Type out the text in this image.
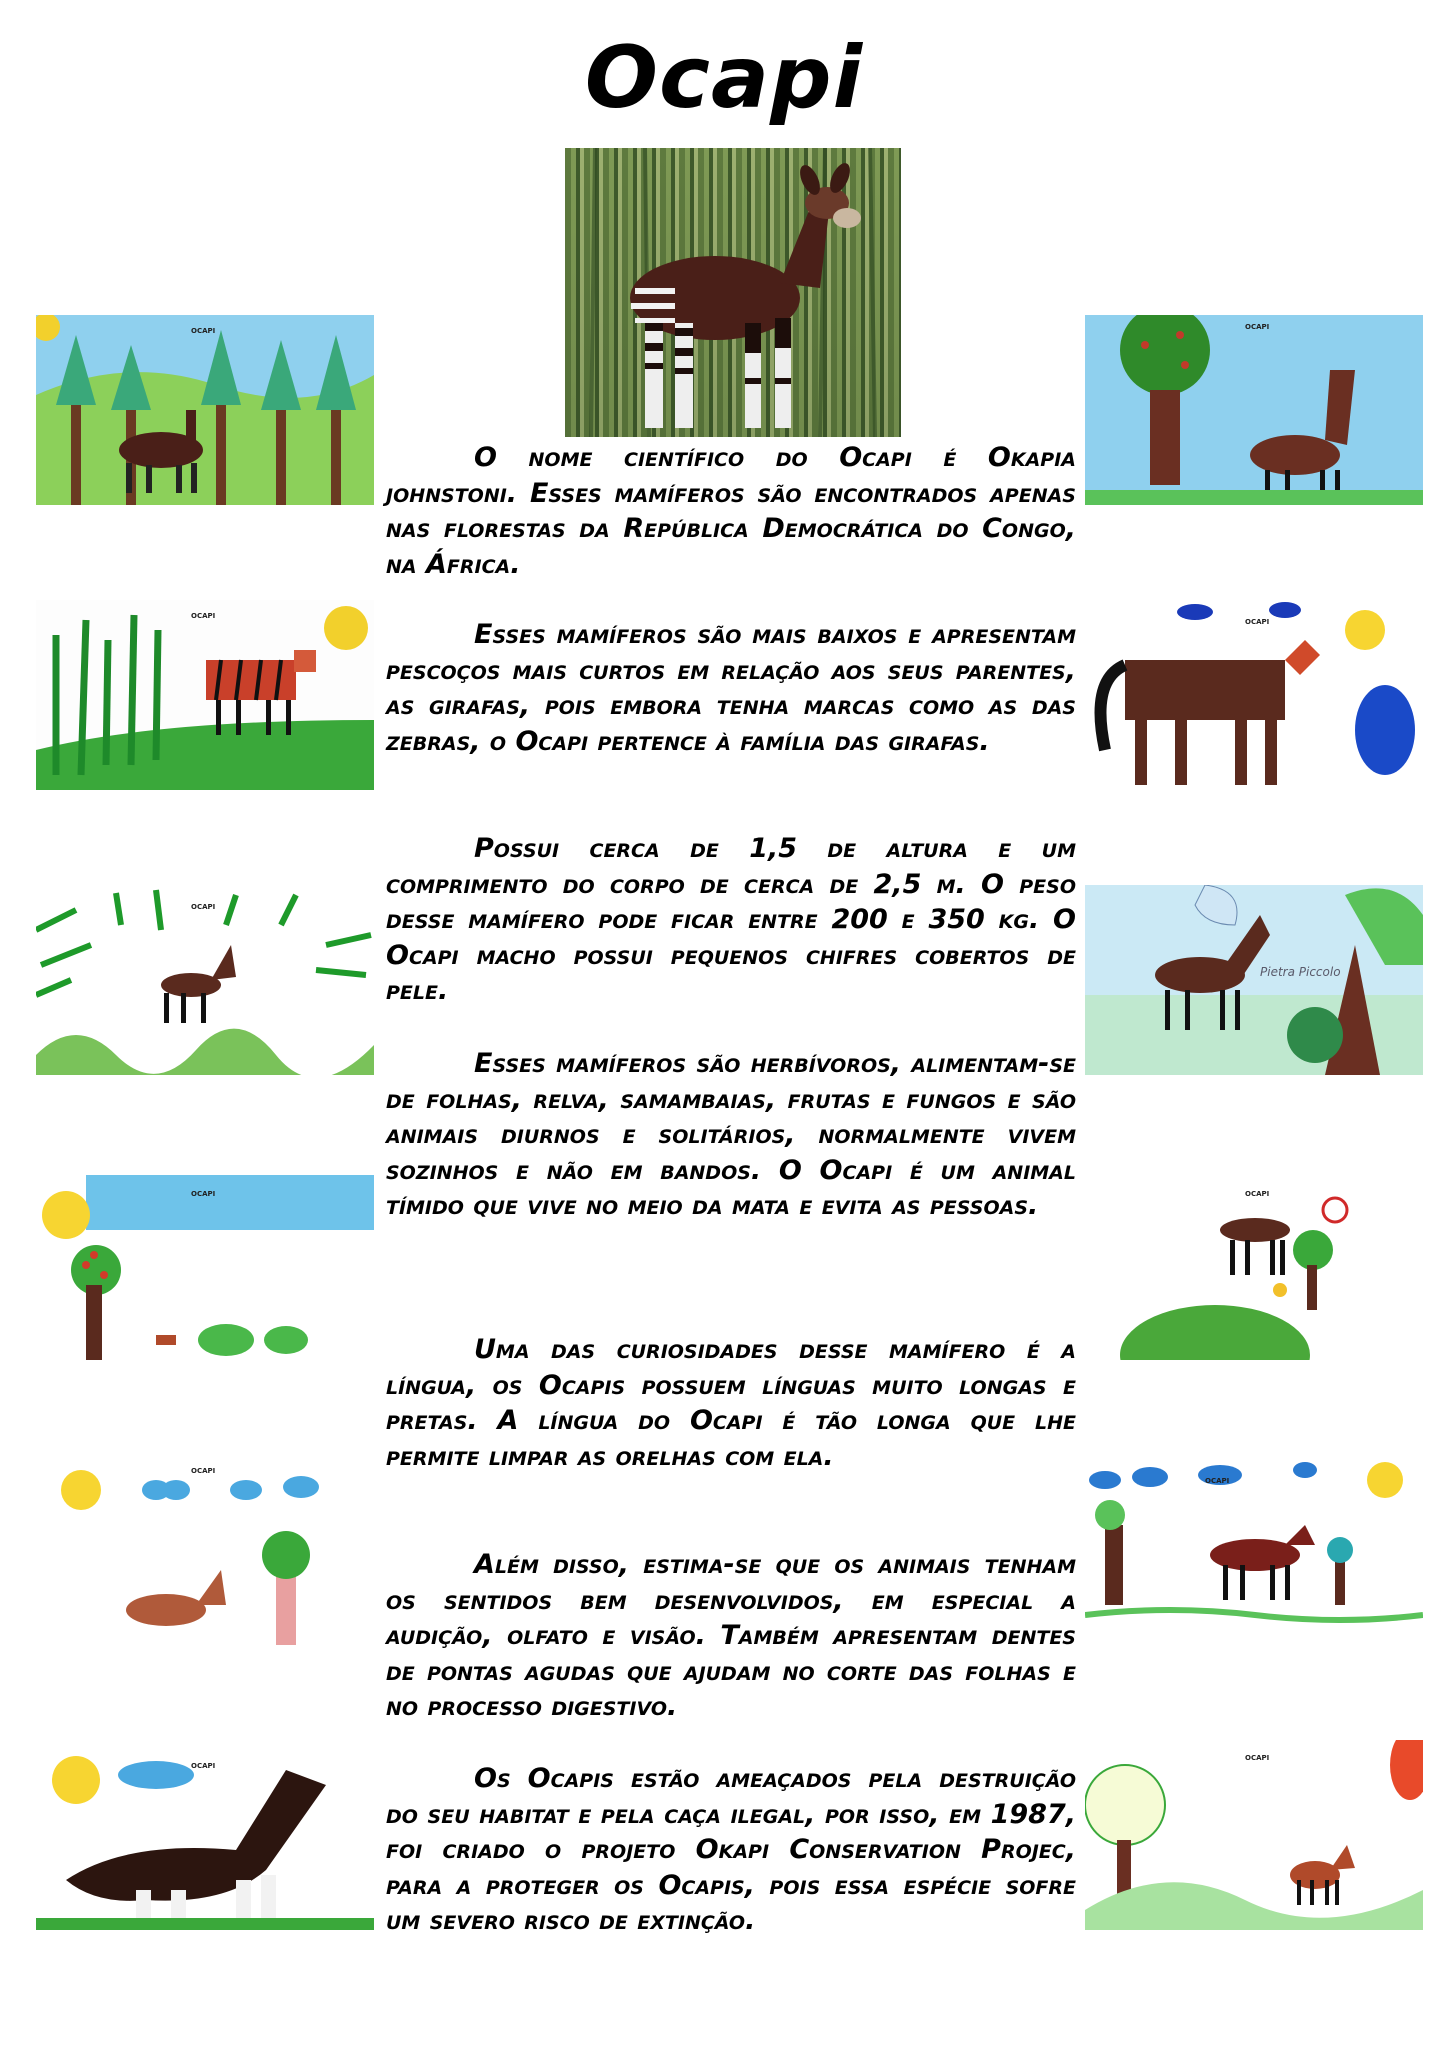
Ocapi
OCAPI
OCAPI
OCAPI
OCAPI
OCAPI
OCAPI
OCAPI
OCAPI
Pietra Piccolo
OCAPI
OCAPI
OCAPI

O nome científico do Ocapi é Okapia johnstoni. Esses mamíferos são encontrados apenas nas florestas da República Democrática do Congo, na África.

Esses mamíferos são mais baixos e apresentam pescoços mais curtos em relação aos seus parentes, as girafas, pois embora tenha marcas como as das zebras, o Ocapi pertence à família das girafas.

Possui cerca de 1,5 de altura e um comprimento do corpo de cerca de 2,5 m. O peso desse mamífero pode ficar entre 200 e 350 kg. O Ocapi macho possui pequenos chifres cobertos de pele.

Esses mamíferos são herbívoros, alimentam-se de folhas, relva, samambaias, frutas e fungos e são animais diurnos e solitários, normalmente vivem sozinhos e não em bandos. O Ocapi é um animal tímido que vive no meio da mata e evita as pessoas.

Uma das curiosidades desse mamífero é a língua, os Ocapis possuem línguas muito longas e pretas. A língua do Ocapi é tão longa que lhe permite limpar as orelhas com ela.

Além disso, estima-se que os animais tenham os sentidos bem desenvolvidos, em especial a audição, olfato e visão. Também apresentam dentes de pontas agudas que ajudam no corte das folhas e no processo digestivo.

Os Ocapis estão ameaçados pela destruição do seu habitat e pela caça ilegal, por isso, em 1987, foi criado o projeto Okapi Conservation Projec, para a proteger os Ocapis, pois essa espécie sofre um severo risco de extinção.
